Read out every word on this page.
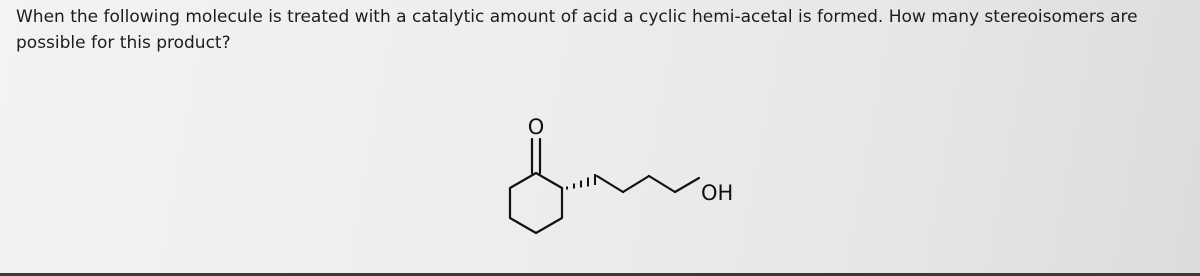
When the following molecule is treated with a catalytic amount of acid a cyclic hemi-acetal is formed. How many stereoisomers are possible for this product?

O
OH
